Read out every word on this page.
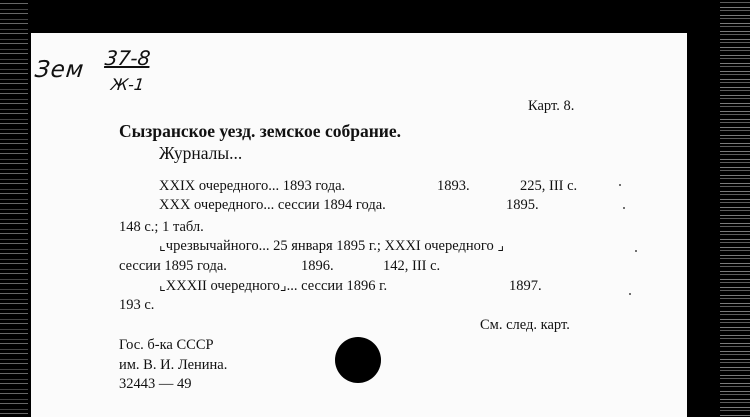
Зем 37-8
Ж-1
Карт. 8.
Сызранское уезд. земское собрание.
Журналы...
XXIX очередного... 1893 года.	1893.	225, III с.
XXX очередного... сессии 1894 года.	1895.
148 с.; 1 табл.
⌞чрезвычайного... 25 января 1895 г.; XXXI очередного ⌟
сессии 1895 года.	1896.	142, III с.
⌞XXXII очередного⌟... сессии 1896 г.	1897.
193 с.
См. след. карт.
Гос. б-ка СССР
им. В. И. Ленина.
32443 — 49
